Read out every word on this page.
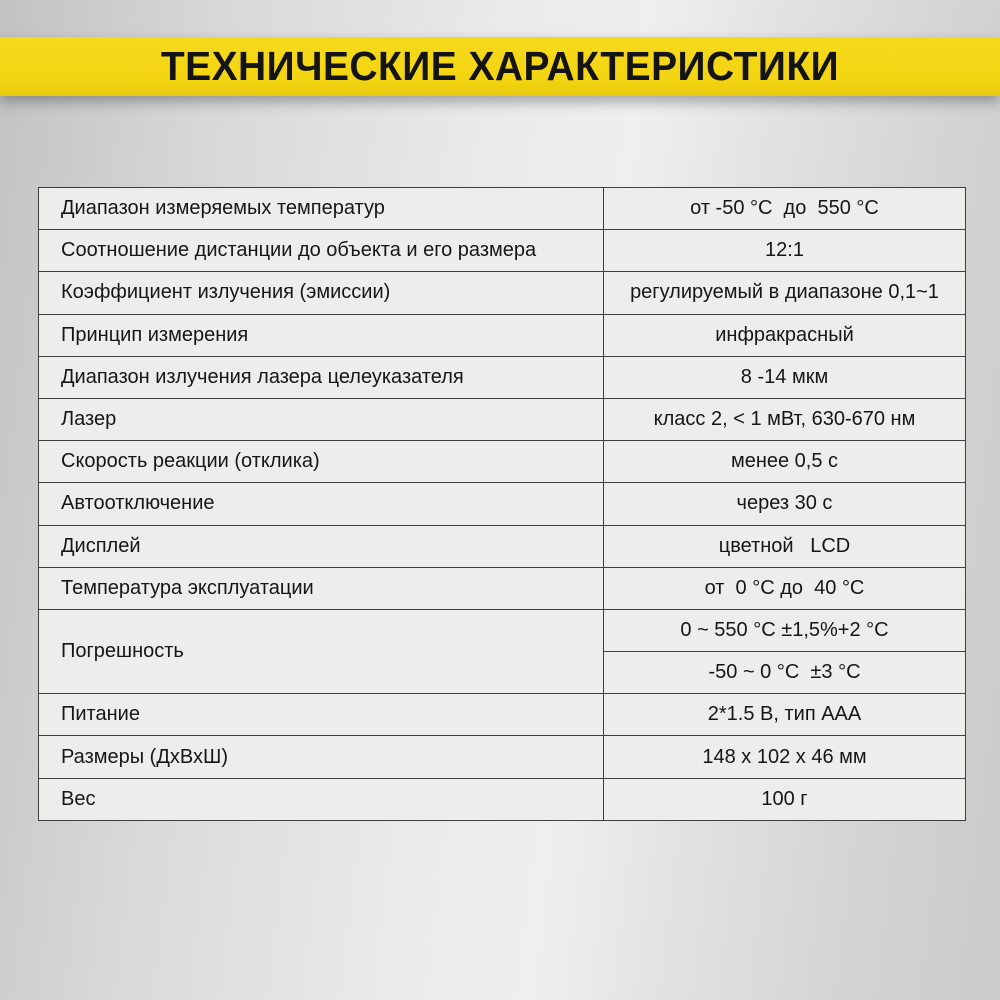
ТЕХНИЧЕСКИЕ ХАРАКТЕРИСТИКИ
Диапазон измеряемых температур	от -50 °C  до  550 °C
Соотношение дистанции до объекта и его размера	12:1
Коэффициент излучения (эмиссии)	регулируемый в диапазоне 0,1~1
Принцип измерения	инфракрасный
Диапазон излучения лазера целеуказателя	8 -14 мкм
Лазер	класс 2, < 1 мВт, 630-670 нм
Скорость реакции (отклика)	менее 0,5 с
Автоотключение	через 30 с
Дисплей	цветной   LCD
Температура эксплуатации	от  0 °C до  40 °C
Погрешность	0 ~ 550 °C ±1,5%+2 °C
	-50 ~ 0 °C  ±3 °C
Питание	2*1.5 В, тип ААА
Размеры (ДхВхШ)	148 x 102 x 46 мм
Вес	100 г
